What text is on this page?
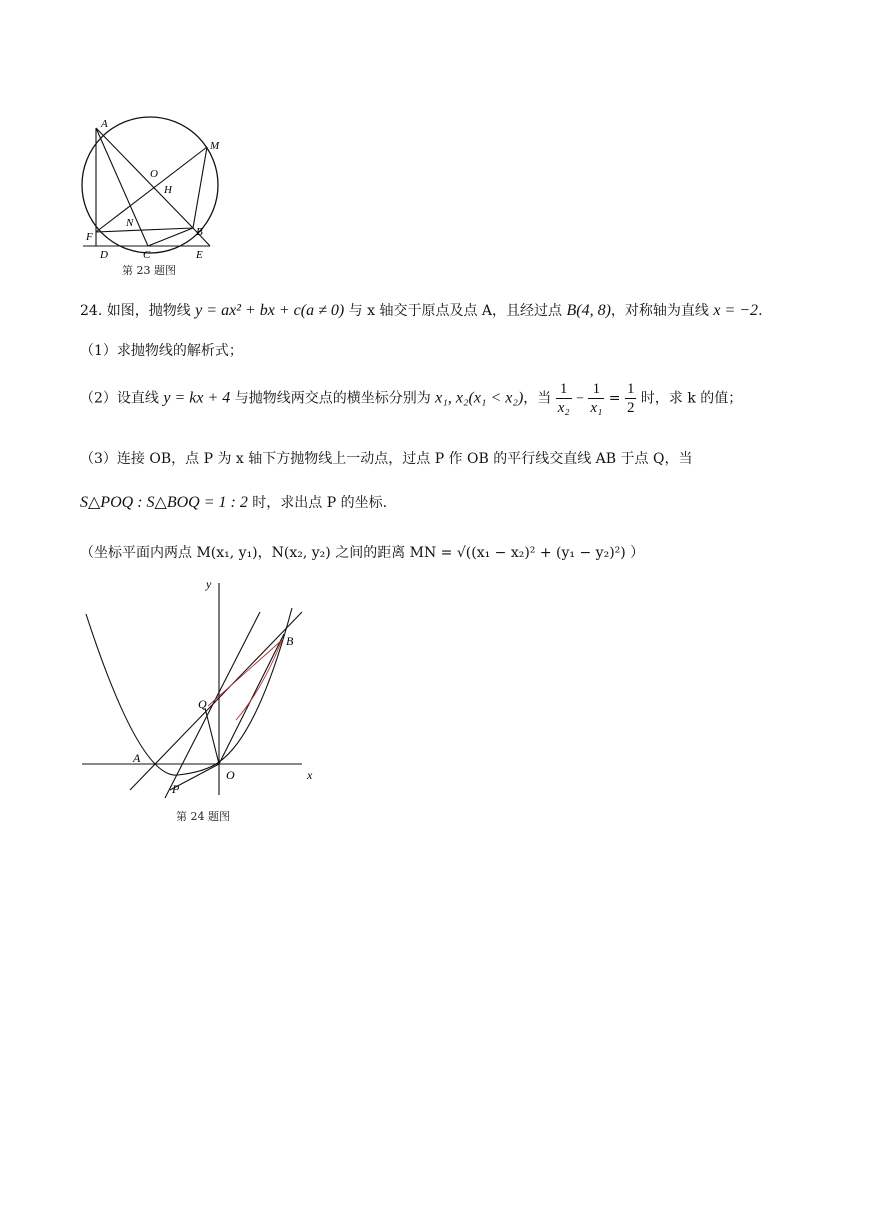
A
M
O
H
N
F	B
D	C	E
第 23 题图
24. 如图，抛物线 y = ax² + bx + c(a ≠ 0) 与 x 轴交于原点及点 A，且经过点 B(4, 8)，对称轴为直线 x = −2.
（1）求抛物线的解析式；
（2）设直线 y = kx + 4 与抛物线两交点的横坐标分别为 x₁, x₂(x₁ < x₂)，当 $\frac{1}{\text{x₂}} - \frac{1}{\text{x₁}} = \frac{1}{2}$ 时，求 k 的值；
（3）连接 OB，点 P 为 x 轴下方抛物线上一动点，过点 P 作 OB 的平行线交直线 AB 于点 Q，当
S△POQ : S△BOQ = 1 : 2 时，求出点 P 的坐标.
（坐标平面内两点 M(x₁, y₁)，N(x₂, y₂) 之间的距离 MN = √((x₁ − x₂)² + (y₁ − y₂)²) ）
y
x
B
Q
A
O
P
第 24 题图
